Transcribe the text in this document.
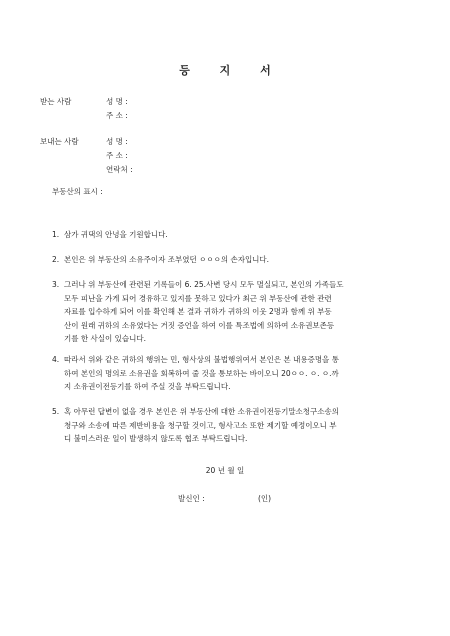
등 지 서
받는 사람	성 명 :
주 소 :
보내는 사람	성 명 :
주 소 :
연락처 :
부동산의 표시 :
1. 삼가 귀댁의 안녕을 기원합니다.
2. 본인은 위 부동산의 소유주이자 조부였던 ㅇㅇㅇ의 손자입니다.
3. 그러나 위 부동산에 관련된 기록들이 6. 25.사변 당시 모두 멸실되고, 본인의 가족들도
모두 피난을 가게 되어 경유하고 있지를 못하고 있다가 최근 위 부동산에 관한 관련
자료를 입수하게 되어 이를 확인해 본 결과 귀하가 귀하의 이웃 2명과 함께 위 부동
산이 원래 귀하의 소유였다는 거짓 증언을 하여 이를 특조법에 의하여 소유권보존등
기를 한 사실이 있습니다.
4. 따라서 위와 같은 귀하의 행위는 민, 형사상의 불법행위여서 본인은 본 내용증명을 통
하여 본인의 명의로 소유권을 회복하여 줄 것을 통보하는 바이오니 20ㅇㅇ. ㅇ. ㅇ.까
지 소유권이전등기를 하여 주실 것을 부탁드립니다.
5. 혹 아무런 답변이 없을 경우 본인은 위 부동산에 대한 소유권이전등기말소청구소송의
청구와 소송에 따른 제반비용을 청구할 것이고, 형사고소 또한 제기할 예정이오니 부
디 불미스러운 일이 발생하지 않도록 협조 부탁드립니다.
20 년 월 일
발신인 :	(인)
